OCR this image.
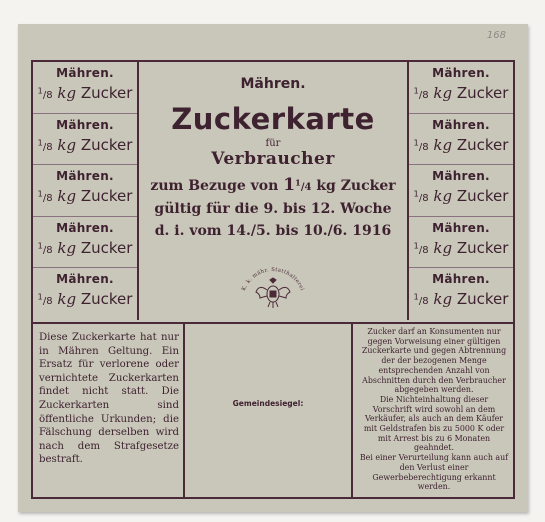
168
Mähren.
$^1$/8 kg Zucker
Mähren.
$^1$/8 kg Zucker
Mähren.
$^1$/8 kg Zucker
Mähren.
$^1$/8 kg Zucker
Mähren.
$^1$/8 kg Zucker
Mähren.
Zuckerkarte
für
Verbraucher
zum Bezuge von $1^1/4$ kg Zucker
gültig für die 9. bis 12. Woche
d. i. vom 14./5. bis 10./6. 1916
K. k. mähr. Statthalterei
Mähren.
$^1$/8 kg Zucker
Mähren.
$^1$/8 kg Zucker
Mähren.
$^1$/8 kg Zucker
Mähren.
$^1$/8 kg Zucker
Mähren.
$^1$/8 kg Zucker
Diese Zuckerkarte hat nur in Mähren Geltung. Ein Ersatz für verlorene oder vernichtete Zuckerkarten findet nicht statt. Die Zuckerkarten sind öffentliche Urkunden; die Fälschung derselben wird nach dem Strafgesetze bestraft.
Gemeindesiegel:
Zucker darf an Konsumenten nur gegen Vorweisung einer gültigen Zuckerkarte und gegen Abtrennung der der bezogenen Menge entsprechenden Anzahl von Abschnitten durch den Verbraucher abgegeben werden.
Die Nichteinhaltung dieser Vorschrift wird sowohl an dem Verkäufer, als auch an dem Käufer mit Geldstrafen bis zu 5000 K oder mit Arrest bis zu 6 Monaten geahndet.
Bei einer Verurteilung kann auch auf den Verlust einer Gewerbeberechtigung erkannt werden.
